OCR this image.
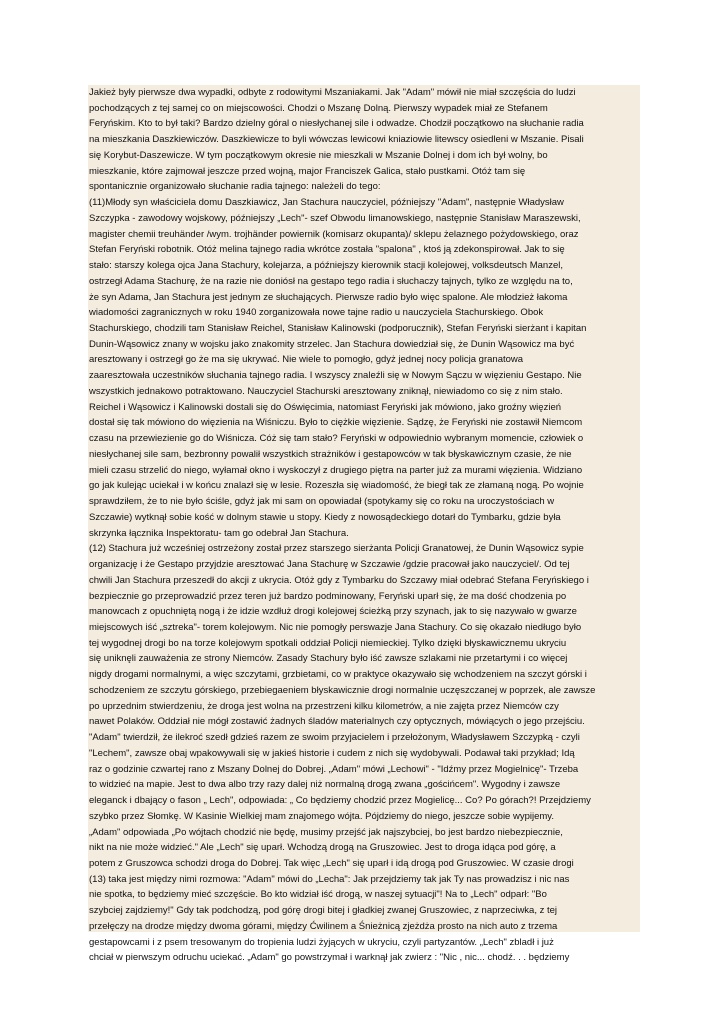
Jakież były pierwsze dwa wypadki, odbyte z rodowitymi Mszaniakami. Jak "Adam" mówił nie miał szczęścia do ludzi
pochodzących z tej samej co on miejscowości. Chodzi o Mszanę Dolną. Pierwszy wypadek miał ze Stefanem
Feryńskim. Kto to był taki? Bardzo dzielny góral o niesłychanej sile i odwadze. Chodził początkowo na słuchanie radia
na mieszkania Daszkiewiczów. Daszkiewicze to byli wówczas lewicowi kniaziowie litewscy osiedleni w Mszanie. Pisali
się Korybut-Daszewicze. W tym początkowym okresie nie mieszkali w Mszanie Dolnej i dom ich był wolny, bo
mieszkanie, które zajmował jeszcze przed wojną, major Franciszek Galica, stało pustkami. Otóż tam się
spontanicznie organizowało słuchanie radia tajnego: należeli do tego:

(11)Młody syn właściciela domu Daszkiawicz, Jan Stachura nauczyciel, późniejszy "Adam", następnie Władysław
Szczypka - zawodowy wojskowy, późniejszy „Lech"- szef Obwodu limanowskiego, następnie Stanisław Maraszewski,
magister chemii treuhänder /wym. trojhänder powiernik (komisarz okupanta)/ sklepu żelaznego pożydowskiego, oraz
Stefan Feryński robotnik. Otóż melina tajnego radia wkrótce została "spalona" , ktoś ją zdekonspirował. Jak to się
stało: starszy kolega ojca Jana Stachury, kolejarza, a późniejszy kierownik stacji kolejowej, volksdeutsch Manzel,
ostrzegł Adama Stachurę, że na razie nie doniósł na gestapo tego radia i słuchaczy tajnych, tylko ze względu na to,
że syn Adama, Jan Stachura jest jednym ze słuchających. Pierwsze radio było więc spalone. Ale młodzież łakoma
wiadomości zagranicznych w roku 1940 zorganizowała nowe tajne radio u nauczyciela Stachurskiego. Obok
Stachurskiego, chodzili tam Stanisław Reichel, Stanisław Kalinowski (podporucznik), Stefan Feryński sierżant i kapitan
Dunin-Wąsowicz znany w wojsku jako znakomity strzelec. Jan Stachura dowiedział się, że Dunin Wąsowicz ma być
aresztowany i ostrzegł go że ma się ukrywać. Nie wiele to pomogło, gdyż jednej nocy policja granatowa
zaaresztowała uczestników słuchania tajnego radia. I wszyscy znaleźli się w Nowym Sączu w więzieniu Gestapo. Nie
wszystkich jednakowo potraktowano. Nauczyciel Stachurski aresztowany zniknął, niewiadomo co się z nim stało.
Reichel i Wąsowicz i Kalinowski dostali się do Oświęcimia, natomiast Feryński jak mówiono, jako groźny więzień
dostał się tak mówiono do więzienia na Wiśniczu. Było to ciężkie więzienie. Sądzę, że Feryński nie zostawił Niemcom
czasu na przewiezienie go do Wiśnicza. Cóż się tam stało? Feryński w odpowiednio wybranym momencie, człowiek o
niesłychanej sile sam, bezbronny powalił wszystkich strażników i gestapowców w tak błyskawicznym czasie, że nie
mieli czasu strzelić do niego, wyłamał okno i wyskoczył z drugiego piętra na parter już za murami więzienia. Widziano
go jak kulejąc uciekał i w końcu znalazł się w lesie. Rozeszła się wiadomość, że biegł tak ze złamaną nogą. Po wojnie
sprawdziłem, że to nie było ściśle, gdyż jak mi sam on opowiadał (spotykamy się co roku na uroczystościach w
Szczawie) wytknął sobie kość w dolnym stawie u stopy. Kiedy z nowosądeckiego dotarł do Tymbarku, gdzie była
skrzynka łącznika Inspektoratu- tam go odebrał Jan Stachura.

(12) Stachura już wcześniej ostrzeżony został przez starszego sierżanta Policji Granatowej, że Dunin Wąsowicz sypie
organizację i że Gestapo przyjdzie aresztować Jana Stachurę w Szczawie /gdzie pracował jako nauczyciel/. Od tej
chwili Jan Stachura przeszedł do akcji z ukrycia. Otóż gdy z Tymbarku do Szczawy miał odebrać Stefana Feryńskiego i
bezpiecznie go przeprowadzić przez teren już bardzo podminowany, Feryński uparł się, że ma dość chodzenia po
manowcach z opuchniętą nogą i że idzie wzdłuż drogi kolejowej ścieżką przy szynach, jak to się nazywało w gwarze
miejscowych iść „sztreka"- torem kolejowym. Nic nie pomogły perswazje Jana Stachury. Co się okazało niedługo było
tej wygodnej drogi bo na torze kolejowym spotkali oddział Policji niemieckiej. Tylko dzięki błyskawicznemu ukryciu
się uniknęli zauważenia ze strony Niemców. Zasady Stachury było iść zawsze szlakami nie przetartymi i co więcej
nigdy drogami normalnymi, a więc szczytami, grzbietami, co w praktyce okazywało się wchodzeniem na szczyt górski i
schodzeniem ze szczytu górskiego, przebiegaeniem błyskawicznie drogi normalnie uczęszczanej w poprzek, ale zawsze
po uprzednim stwierdzeniu, że droga jest wolna na przestrzeni kilku kilometrów, a nie zajęta przez Niemców czy
nawet Polaków. Oddział nie mógł zostawić żadnych śladów materialnych czy optycznych, mówiących o jego przejściu.
"Adam" twierdził, że ilekroć szedł gdzieś razem ze swoim przyjacielem i przełożonym, Władysławem Szczypką - czyli
"Lechem", zawsze obaj wpakowywali się w jakieś historie i cudem z nich się wydobywali. Podawał taki przykład; Idą
raz o godzinie czwartej rano z Mszany Dolnej do Dobrej. „Adam" mówi „Lechowi" - "Idźmy przez Mogielnicę"- Trzeba
to widzieć na mapie. Jest to dwa albo trzy razy dalej niż normalną drogą zwana „gościńcem". Wygodny i zawsze
eleganck i dbający o fason „ Lech", odpowiada: „ Co będziemy chodzić przez Mogielicę... Co? Po górach?! Przejdziemy
szybko przez Słomkę. W Kasinie Wielkiej mam znajomego wójta. Pójdziemy do niego, jeszcze sobie wypijemy.
„Adam" odpowiada „Po wójtach chodzić nie będę, musimy przejść jak najszybciej, bo jest bardzo niebezpiecznie,
nikt na nie może widzieć." Ale „Lech" się uparł. Wchodzą drogą na Gruszowiec. Jest to droga idąca pod górę, a
potem z Gruszowca schodzi droga do Dobrej. Tak więc „Lech" się uparł i idą drogą pod Gruszowiec. W czasie drogi
(13) taka jest między nimi rozmowa: "Adam" mówi do „Lecha": Jak przejdziemy tak jak Ty nas prowadzisz i nic nas
nie spotka, to będziemy mieć szczęście. Bo kto widział iść drogą, w naszej sytuacji"! Na to „Lech" odparł: "Bo
szybciej zajdziemy!" Gdy tak podchodzą, pod górę drogi bitej i gładkiej zwanej Gruszowiec, z naprzeciwka, z tej
przełęczy na drodze między dwoma górami, między Ćwilinem a Śnieżnicą zjeżdża prosto na nich auto z trzema
gestapowcami i z psem tresowanym do tropienia ludzi żyjących w ukryciu, czyli partyzantów. „Lech" zbladł i już
chciał w pierwszym odruchu uciekać. „Adam" go powstrzymał i warknął jak zwierz : "Nic , nic... chodź. . . będziemy
